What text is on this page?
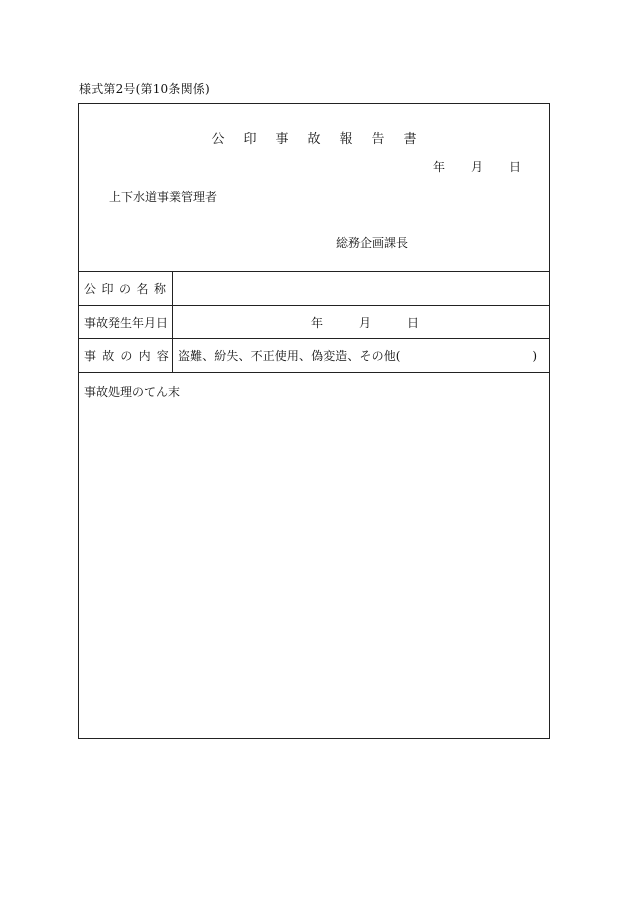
様式第2号(第10条関係)
公印事故報告書
年 月 日
上下水道事業管理者
総務企画課長
公印の名称
事故発生年月日	年	月	日
事故の内容 盗難、紛失、不正使用、偽変造、その他(	)
事故処理のてん末
